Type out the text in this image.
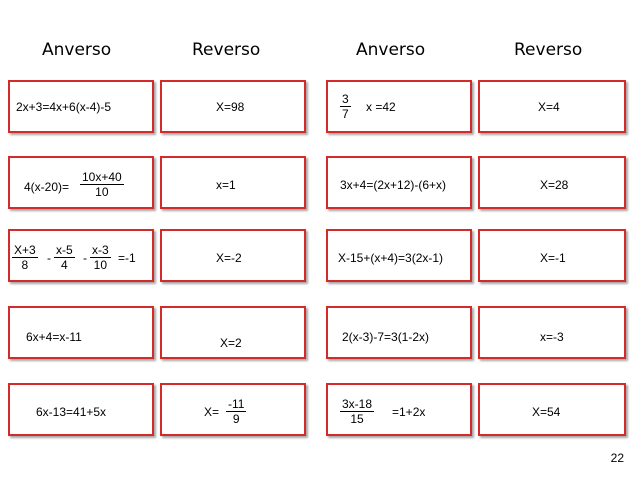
Anverso	Reverso	Anverso	Reverso
2x+3=4x+6(x-4)-5	X=98	$\frac{3}{7}$ x =42	X=4
$4(x-20)= \frac{10x+40}{10}$	x=1	3x+4=(2x+12)-(6+x)	X=28
$\frac{X+3}{8} - \frac{x-5}{4} - \frac{x-3}{10} =-1$	X=-2	X-15+(x+4)=3(2x-1)	X=-1
6x+4=x-11	X=2	2(x-3)-7=3(1-2x)	x=-3
6x-13=41+5x	$X= \frac{-11}{9}$	$\frac{3x-18}{15} =1+2x$	X=54
22
